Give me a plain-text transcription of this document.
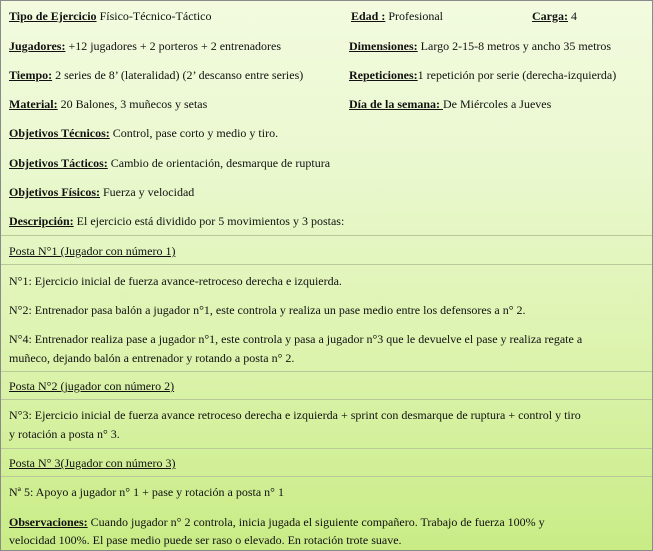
Tipo de Ejercicio Físico-Técnico-Táctico	Edad : Profesional	Carga: 4
Jugadores: +12 jugadores + 2 porteros + 2 entrenadores	Dimensiones: Largo 2-15-8 metros y ancho 35 metros
Tiempo: 2 series de 8’ (lateralidad) (2’ descanso entre series)	Repeticiones:1 repetición por serie (derecha-izquierda)
Material: 20 Balones, 3 muñecos y setas	Día de la semana: De Miércoles a Jueves
Objetivos Técnicos: Control, pase corto y medio y tiro.
Objetivos Tácticos: Cambio de orientación, desmarque de ruptura
Objetivos Físicos: Fuerza y velocidad
Descripción: El ejercicio está dividido por 5 movimientos y 3 postas:
Posta N°1 (Jugador con número 1)
N°1: Ejercicio inicial de fuerza avance-retroceso derecha e izquierda.
N°2: Entrenador pasa balón a jugador n°1, este controla y realiza un pase medio entre los defensores a n° 2.
N°4: Entrenador realiza pase a jugador n°1, este controla y pasa a jugador n°3 que le devuelve el pase y realiza regate a
muñeco, dejando balón a entrenador y rotando a posta n° 2.
Posta N°2 (jugador con número 2)
N°3: Ejercicio inicial de fuerza avance retroceso derecha e izquierda + sprint con desmarque de ruptura + control y tiro
y rotación a posta n° 3.
Posta N° 3(Jugador con número 3)
Nª 5: Apoyo a jugador n° 1 + pase y rotación a posta n° 1
Observaciones: Cuando jugador n° 2 controla, inicia jugada el siguiente compañero. Trabajo de fuerza 100% y
velocidad 100%. El pase medio puede ser raso o elevado. En rotación trote suave.
